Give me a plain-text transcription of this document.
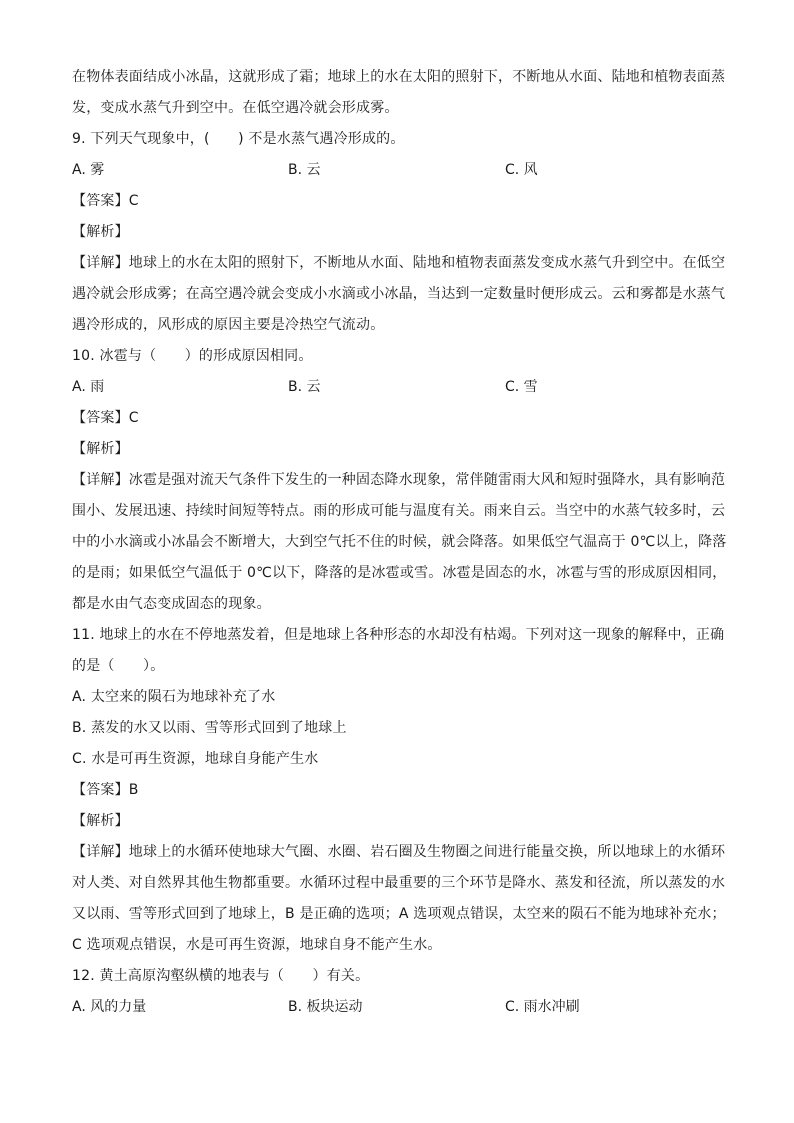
在物体表面结成小冰晶，这就形成了霜；地球上的水在太阳的照射下，不断地从水面、陆地和植物表面蒸
发，变成水蒸气升到空中。在低空遇冷就会形成雾。
9. 下列天气现象中，(　　) 不是水蒸气遇冷形成的。
A. 雾	B. 云	C. 风
【答案】C
【解析】
【详解】地球上的水在太阳的照射下，不断地从水面、陆地和植物表面蒸发变成水蒸气升到空中。在低空
遇冷就会形成雾；在高空遇冷就会变成小水滴或小冰晶，当达到一定数量时便形成云。云和雾都是水蒸气
遇冷形成的，风形成的原因主要是冷热空气流动。
10. 冰雹与（　　）的形成原因相同。
A. 雨	B. 云	C. 雪
【答案】C
【解析】
【详解】冰雹是强对流天气条件下发生的一种固态降水现象，常伴随雷雨大风和短时强降水，具有影响范
围小、发展迅速、持续时间短等特点。雨的形成可能与温度有关。雨来自云。当空中的水蒸气较多时，云
中的小水滴或小冰晶会不断增大，大到空气托不住的时候，就会降落。如果低空气温高于 0℃以上，降落
的是雨；如果低空气温低于 0℃以下，降落的是冰雹或雪。冰雹是固态的水，冰雹与雪的形成原因相同，
都是水由气态变成固态的现象。
11. 地球上的水在不停地蒸发着，但是地球上各种形态的水却没有枯竭。下列对这一现象的解释中，正确
的是（　　）。
A. 太空来的陨石为地球补充了水
B. 蒸发的水又以雨、雪等形式回到了地球上
C. 水是可再生资源，地球自身能产生水
【答案】B
【解析】
【详解】地球上的水循环使地球大气圈、水圈、岩石圈及生物圈之间进行能量交换，所以地球上的水循环
对人类、对自然界其他生物都重要。水循环过程中最重要的三个环节是降水、蒸发和径流，所以蒸发的水
又以雨、雪等形式回到了地球上，B 是正确的选项；A 选项观点错误，太空来的陨石不能为地球补充水；
C 选项观点错误，水是可再生资源，地球自身不能产生水。
12. 黄土高原沟壑纵横的地表与（　　）有关。
A. 风的力量	B. 板块运动	C. 雨水冲刷
